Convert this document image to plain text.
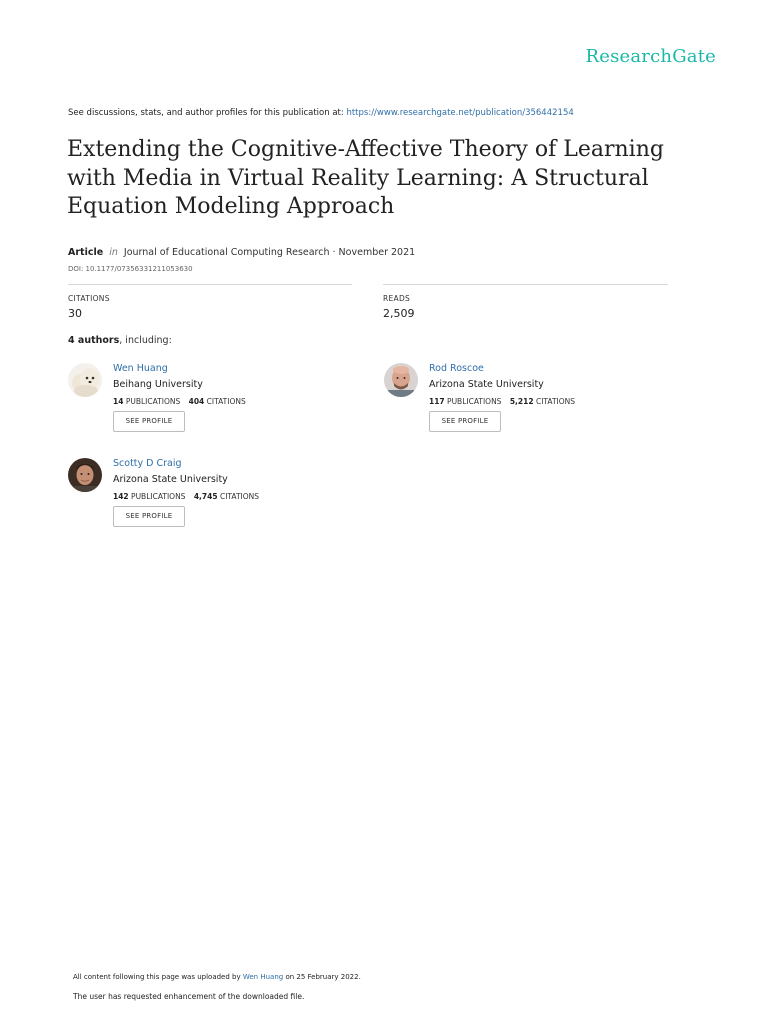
ResearchGate
See discussions, stats, and author profiles for this publication at: https://www.researchgate.net/publication/356442154
Extending the Cognitive-Affective Theory of Learning with Media in Virtual Reality Learning: A Structural Equation Modeling Approach
Article in Journal of Educational Computing Research · November 2021
DOI: 10.1177/07356331211053630
CITATIONS
30
READS
2,509
4 authors, including:
Wen Huang
Beihang University
14 PUBLICATIONS 404 CITATIONS
SEE PROFILE
Rod Roscoe
Arizona State University
117 PUBLICATIONS 5,212 CITATIONS
SEE PROFILE
Scotty D Craig
Arizona State University
142 PUBLICATIONS 4,745 CITATIONS
SEE PROFILE
All content following this page was uploaded by Wen Huang on 25 February 2022.
The user has requested enhancement of the downloaded file.
